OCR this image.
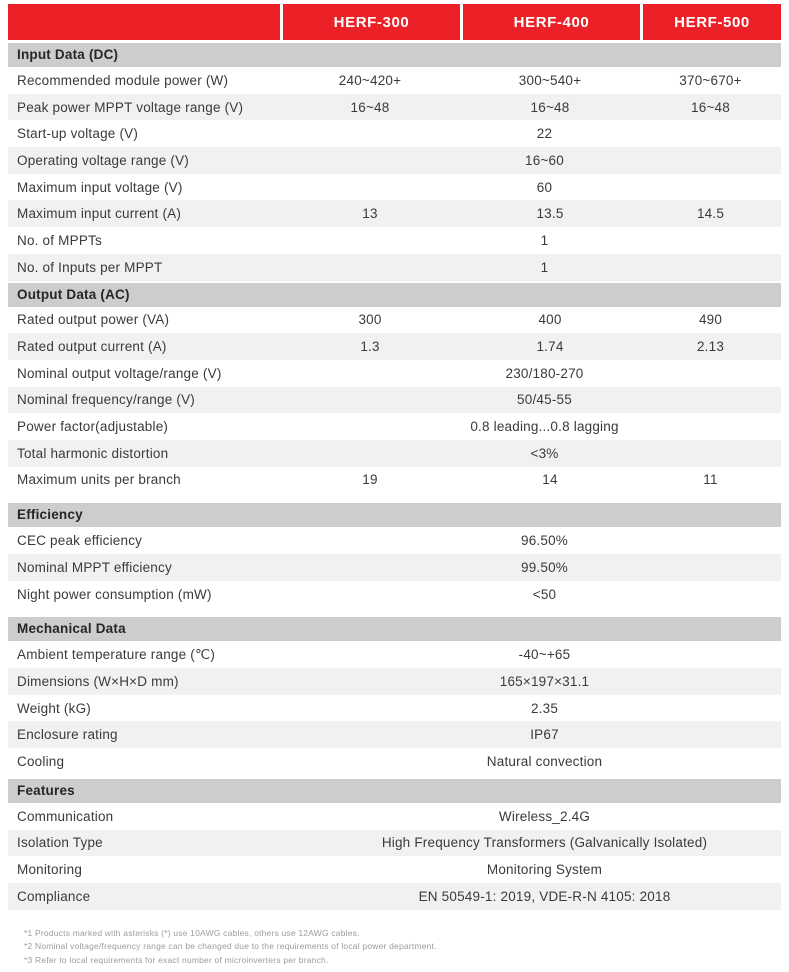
HERF-300	HERF-400	HERF-500
Input Data (DC)
Recommended module power (W)	240~420+	300~540+	370~670+
Peak power MPPT voltage range (V)	16~48	16~48	16~48
Start-up voltage (V)	22
Operating voltage range (V)	16~60
Maximum input voltage (V)	60
Maximum input current (A)	13	13.5	14.5
No. of MPPTs	1
No. of Inputs per MPPT	1
Output Data (AC)
Rated output power (VA)	300	400	490
Rated output current (A)	1.3	1.74	2.13
Nominal output voltage/range (V)	230/180-270
Nominal frequency/range (V)	50/45-55
Power factor(adjustable)	0.8 leading...0.8 lagging
Total harmonic distortion	<3%
Maximum units per branch	19	14	11
Efficiency
CEC peak efficiency	96.50%
Nominal MPPT efficiency	99.50%
Night power consumption (mW)	<50
Mechanical Data
Ambient temperature range (℃)	-40~+65
Dimensions (W×H×D mm)	165×197×31.1
Weight (kG)	2.35
Enclosure rating	IP67
Cooling	Natural convection
Features
Communication	Wireless_2.4G
Isolation Type	High Frequency Transformers (Galvanically Isolated)
Monitoring	Monitoring System
Compliance	EN 50549-1: 2019, VDE-R-N 4105: 2018

*1 Products marked with asterisks (*) use 10AWG cables, others use 12AWG cables.

*2 Nominal voltage/frequency range can be changed due to the requirements of local power department.

*3 Refer to local requirements for exact number of microinverters per branch.
